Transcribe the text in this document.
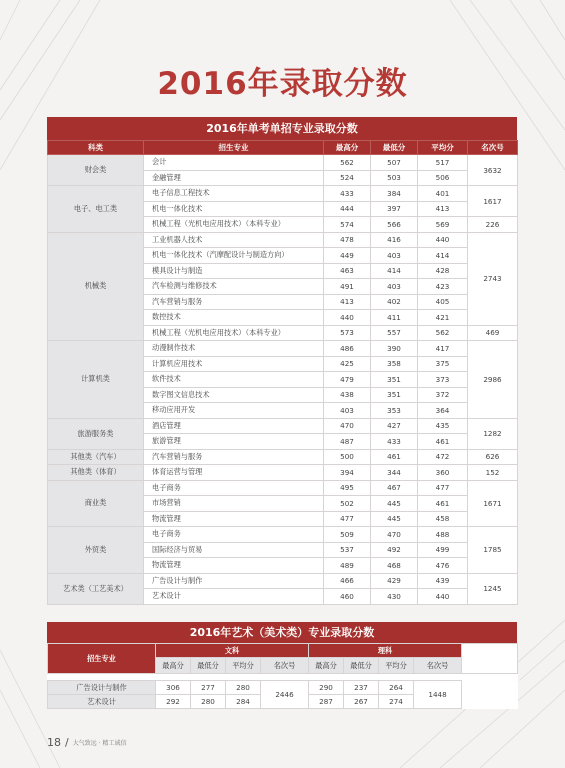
2016年录取分数
2016年单考单招专业录取分数
科类	招生专业	最高分	最低分	平均分	名次号
财会类	会计	562	507	517	3632
	金融管理	524	503	506	
电子、电工类	电子信息工程技术	433	384	401	1617
	机电一体化技术	444	397	413	
	机械工程（光机电应用技术）（本科专业）	574	566	569	226
机械类	工业机器人技术	478	416	440	2743
	机电一体化技术（汽摩配设计与制造方向）	449	403	414	
	模具设计与制造	463	414	428	
	汽车检测与维修技术	491	403	423	
	汽车营销与服务	413	402	405	
	数控技术	440	411	421	
	机械工程（光机电应用技术）（本科专业）	573	557	562	469
计算机类	动漫制作技术	486	390	417	2986
	计算机应用技术	425	358	375	
	软件技术	479	351	373	
	数字图文信息技术	438	351	372	
	移动应用开发	403	353	364	
旅游服务类	酒店管理	470	427	435	1282
	旅游管理	487	433	461	
其他类（汽车）	汽车营销与服务	500	461	472	626
其他类（体育）	体育运营与管理	394	344	360	152
商业类	电子商务	495	467	477	1671
	市场营销	502	445	461	
	物流管理	477	445	458	
外贸类	电子商务	509	470	488	1785
	国际经济与贸易	537	492	499	
	物流管理	489	468	476	
艺术类（工艺美术）	广告设计与制作	466	429	439	1245
	艺术设计	460	430	440	
2016年艺术（美术类）专业录取分数
招生专业	文科				理科				
	最高分	最低分	平均分	名次号	最高分	最低分	平均分	名次号	

广告设计与制作	306	277	280	2446	290	237	264	1448	
艺术设计	292	280	284		287	267	274		
18 / 大气致远 · 精工诚信
